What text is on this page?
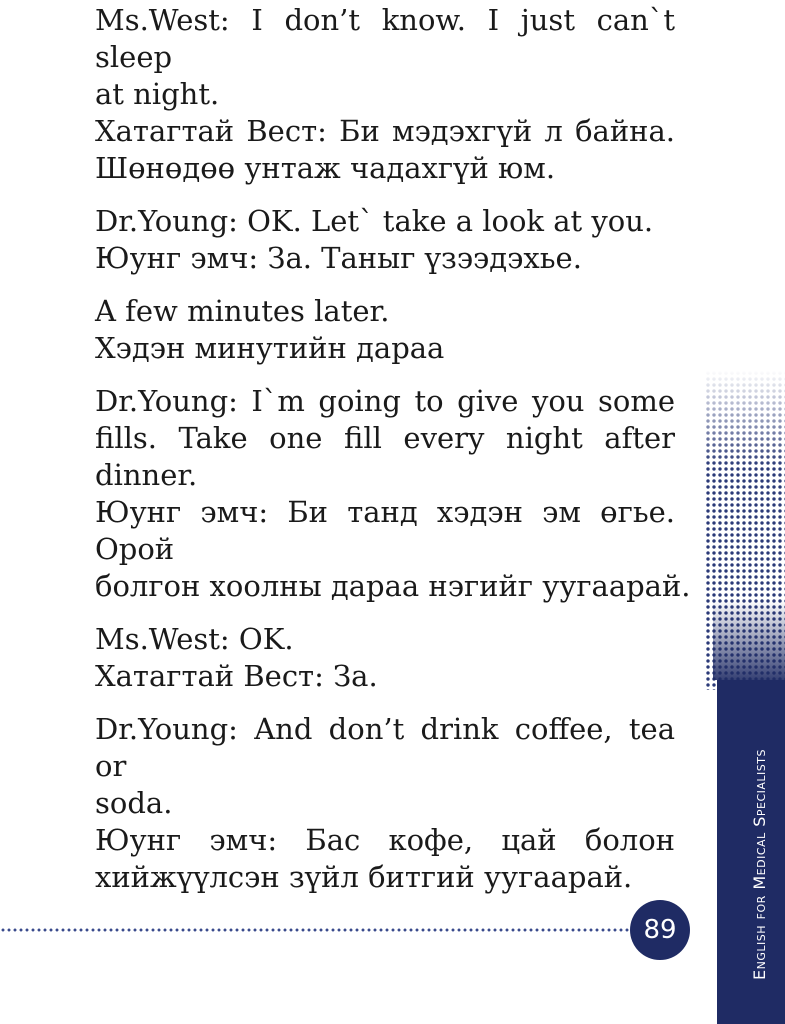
Ms.West: I don’t know. I just can`t sleep
at night.
Хатагтай Вест: Би мэдэхгүй л байна.
Шөнөдөө унтаж чадахгүй юм.

Dr.Young: OK. Let` take a look at you.
Юунг эмч: За. Таныг үзээдэхье.

A few minutes later.
Хэдэн минутийн дараа

Dr.Young: I`m going to give you some
fills. Take one fill every night after dinner.
Юунг эмч: Би танд хэдэн эм өгье. Орой
болгон хоолны дараа нэгийг уугаарай.

Ms.West: OK.
Хатагтай Вест: За.

Dr.Young: And don’t drink coffee, tea or
soda.
Юунг эмч: Бас кофе, цай болон
хийжүүлсэн зүйл битгий уугаарай.	English for Medical Specialists
89
